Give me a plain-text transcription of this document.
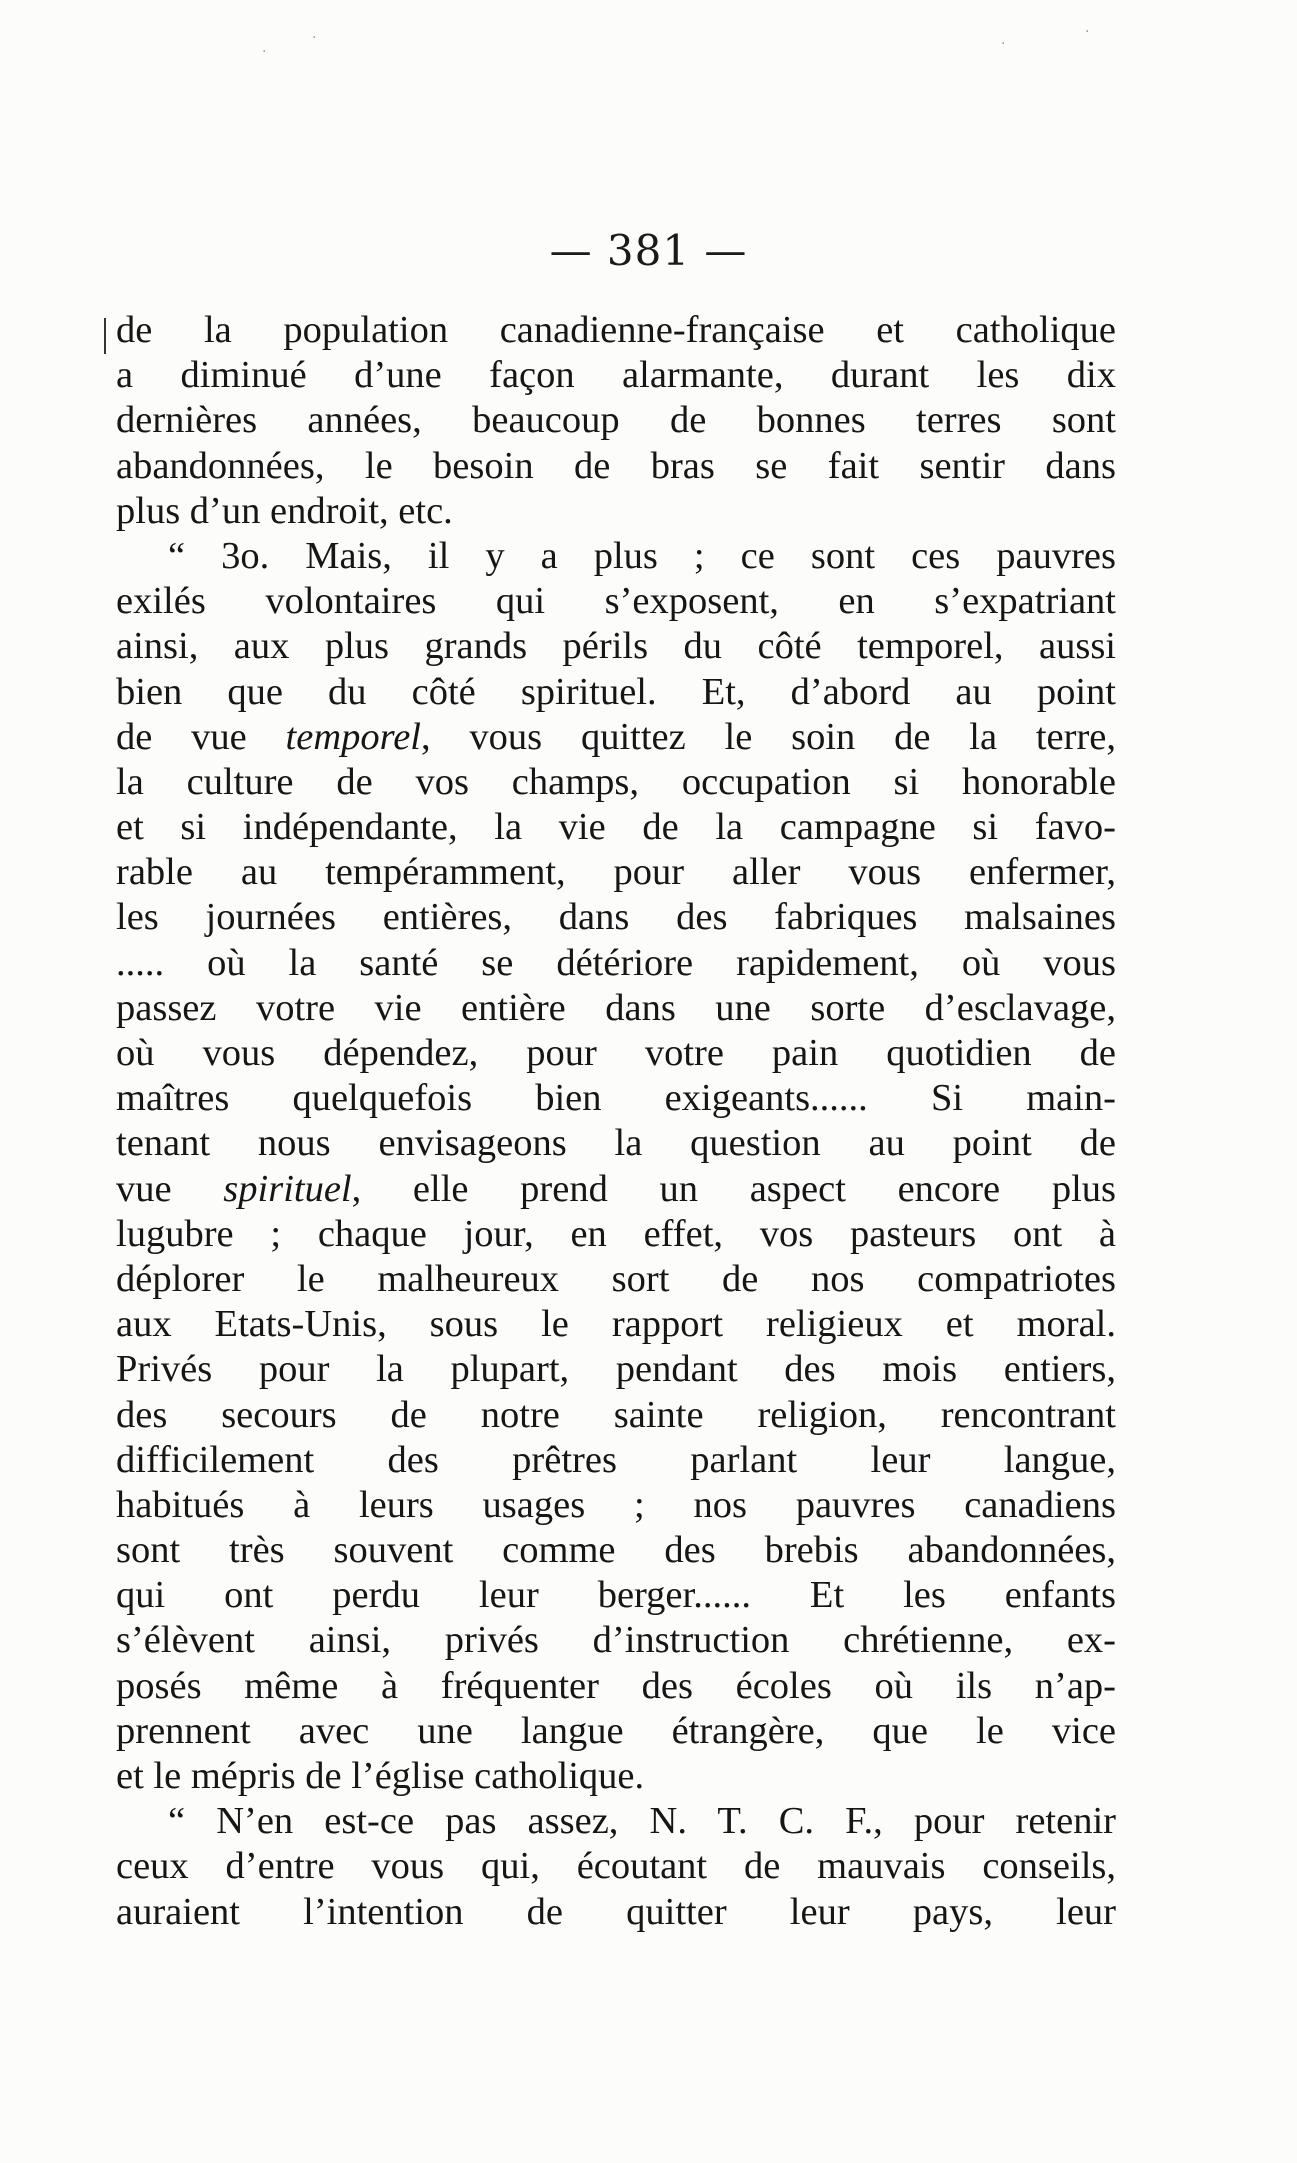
— 381 —
de la population canadienne-française et catholique
a diminué d’une façon alarmante, durant les dix
dernières années, beaucoup de bonnes terres sont
abandonnées, le besoin de bras se fait sentir dans
plus d’un endroit, etc.
“ 3o. Mais, il y a plus ; ce sont ces pauvres
exilés volontaires qui s’exposent, en s’expatriant
ainsi, aux plus grands périls du côté temporel, aussi
bien que du côté spirituel. Et, d’abord au point
de vue temporel, vous quittez le soin de la terre,
la culture de vos champs, occupation si honorable
et si indépendante, la vie de la campagne si favo-
rable au tempéramment, pour aller vous enfermer,
les journées entières, dans des fabriques malsaines
..... où la santé se détériore rapidement, où vous
passez votre vie entière dans une sorte d’esclavage,
où vous dépendez, pour votre pain quotidien de
maîtres quelquefois bien exigeants...... Si main-
tenant nous envisageons la question au point de
vue spirituel, elle prend un aspect encore plus
lugubre ; chaque jour, en effet, vos pasteurs ont à
déplorer le malheureux sort de nos compatriotes
aux Etats-Unis, sous le rapport religieux et moral.
Privés pour la plupart, pendant des mois entiers,
des secours de notre sainte religion, rencontrant
difficilement des prêtres parlant leur langue,
habitués à leurs usages ; nos pauvres canadiens
sont très souvent comme des brebis abandonnées,
qui ont perdu leur berger...... Et les enfants
s’élèvent ainsi, privés d’instruction chrétienne, ex-
posés même à fréquenter des écoles où ils n’ap-
prennent avec une langue étrangère, que le vice
et le mépris de l’église catholique.
“ N’en est-ce pas assez, N. T. C. F., pour retenir
ceux d’entre vous qui, écoutant de mauvais conseils,
auraient l’intention de quitter leur pays, leur
·
·	·
·
